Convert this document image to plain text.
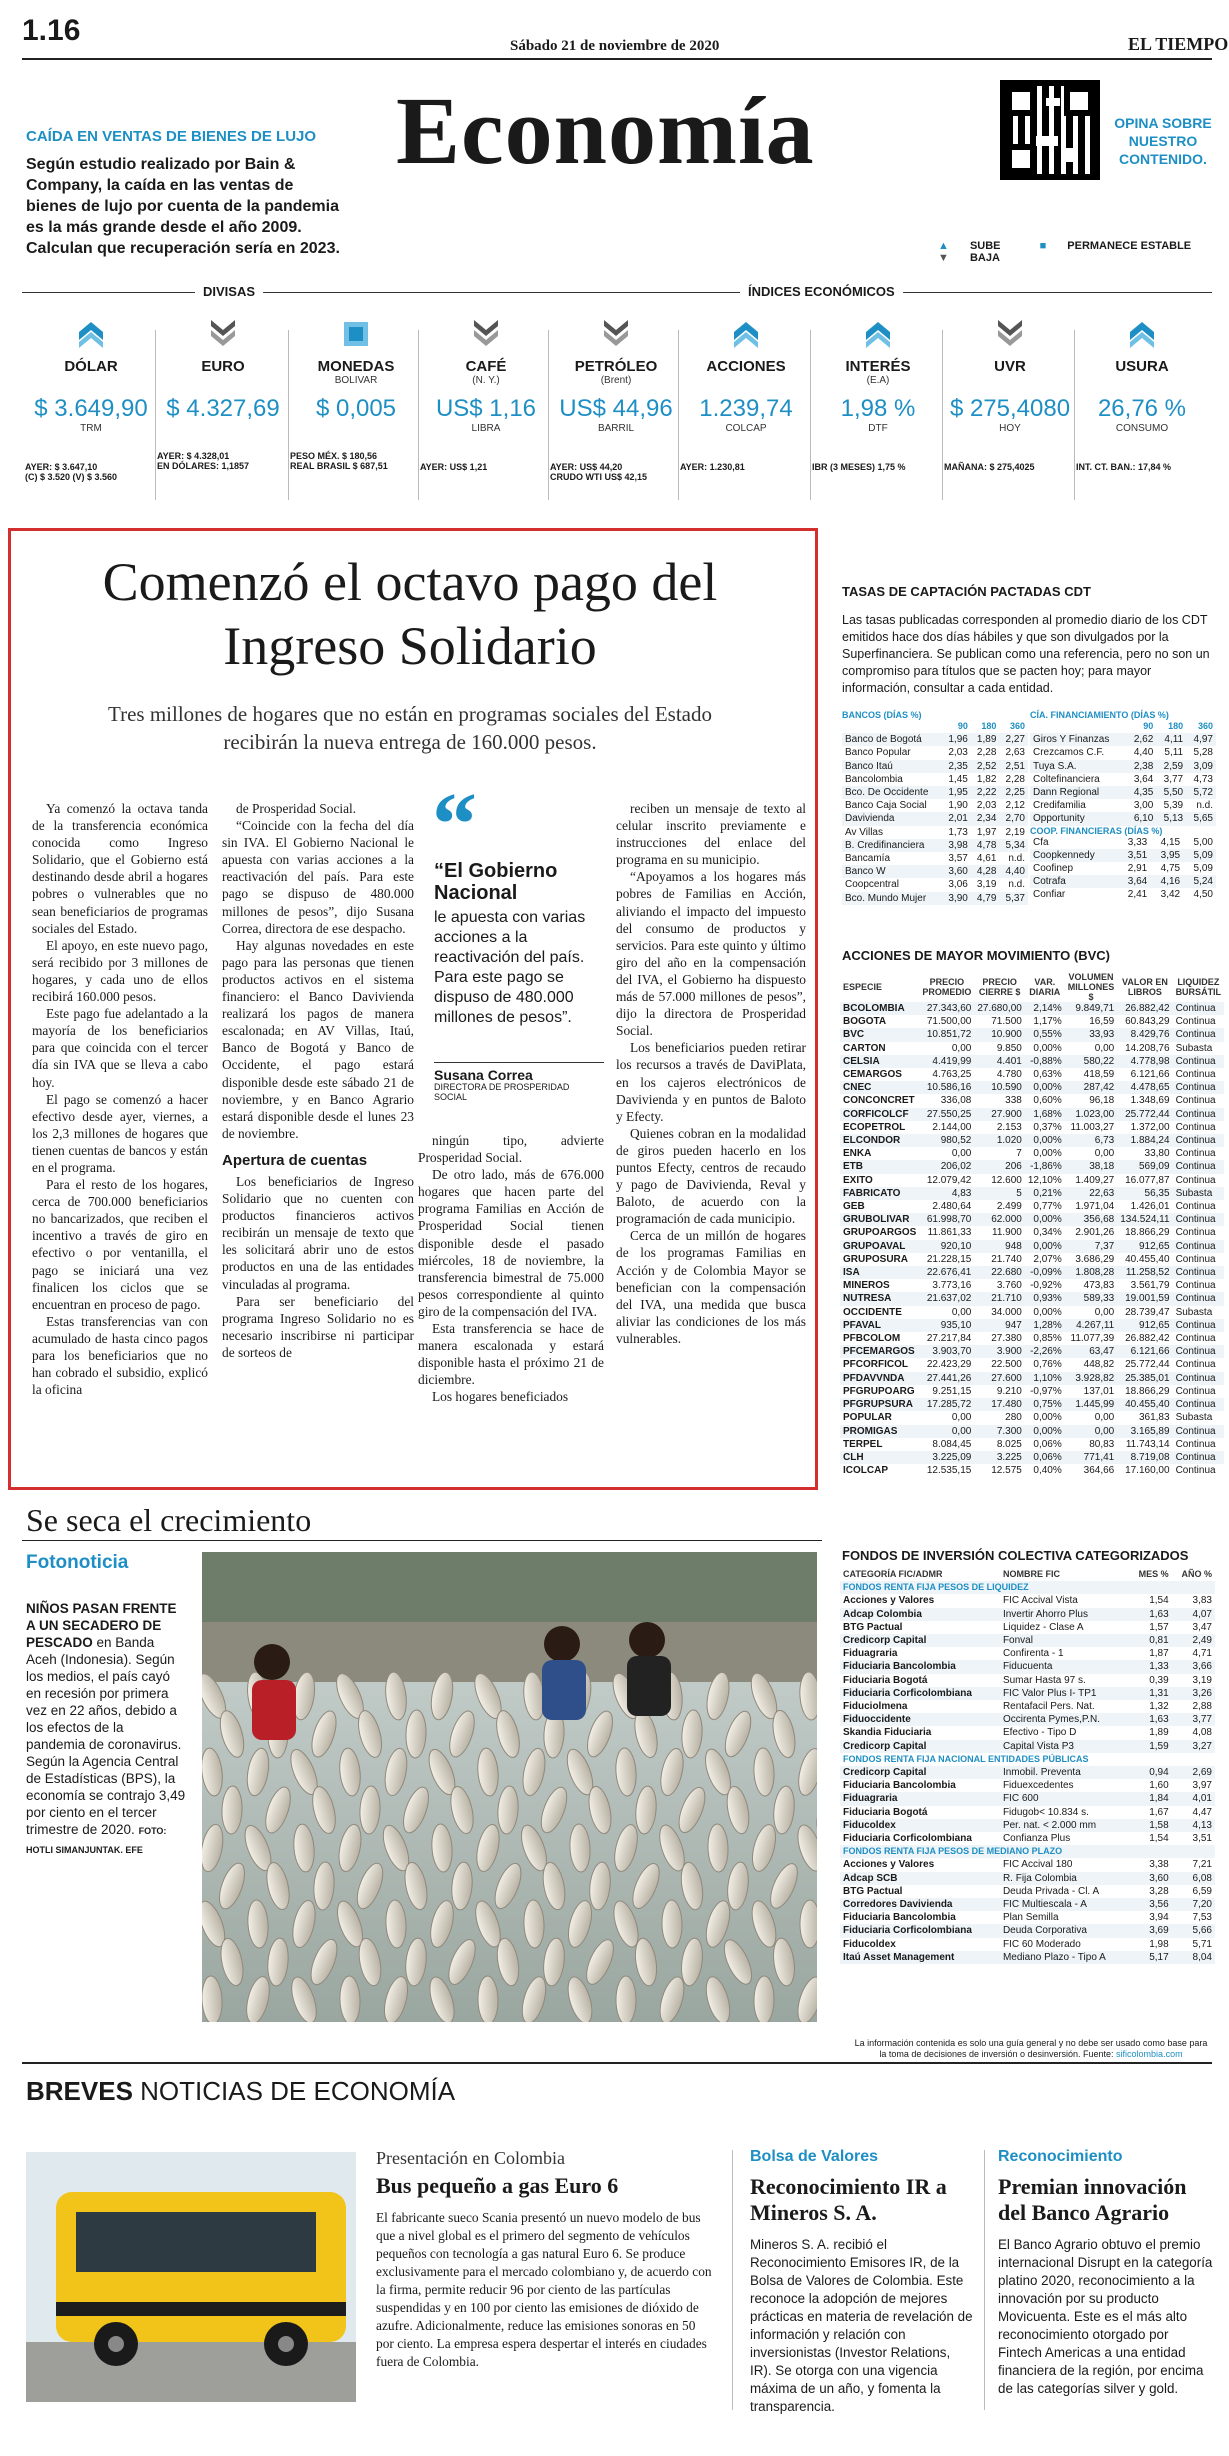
1.16	Sábado 21 de noviembre de 2020	EL TIEMPO
CAÍDA EN VENTAS DE BIENES DE LUJO
Según estudio realizado por Bain & Company, la caída en las ventas de bienes de lujo por cuenta de la pandemia es la más grande desde el año 2009. Calculan que recuperación sería en 2023.
Economía	OPINA SOBRE NUESTRO CONTENIDO.
▲ SUBE	■ PERMANECE ESTABLE ▼ BAJA
DIVISAS	ÍNDICES ECONÓMICOS
DÓLAR
$ 3.649,90
TRM
AYER: $ 3.647,10
(C) $ 3.520 (V) $ 3.560
EURO
$ 4.327,69
AYER: $ 4.328,01
EN DÓLARES: 1,1857
MONEDAS
BOLIVAR
$ 0,005
PESO MÉX. $ 180,56
REAL BRASIL $ 687,51
CAFÉ
(N. Y.)
US$ 1,16
LIBRA
AYER: US$ 1,21
PETRÓLEO
(Brent)
US$ 44,96
BARRIL
AYER: US$ 44,20
CRUDO WTI US$ 42,15
ACCIONES
1.239,74
COLCAP
AYER: 1.230,81
INTERÉS
(E.A)
1,98 %
DTF
IBR (3 MESES) 1,75 %
UVR
$ 275,4080
HOY
MAÑANA: $ 275,4025
USURA
26,76 %
CONSUMO
INT. CT. BAN.: 17,84 %
Comenzó el octavo pago del Ingreso Solidario
Tres millones de hogares que no están en programas sociales del Estado recibirán la nueva entrega de 160.000 pesos.

Ya comenzó la octava tanda de la transferencia económica conocida como Ingreso Solidario, que el Gobierno está destinando desde abril a hogares pobres o vulnerables que no sean beneficiarios de programas sociales del Estado.

El apoyo, en este nuevo pago, será recibido por 3 millones de hogares, y cada uno de ellos recibirá 160.000 pesos.

Este pago fue adelantado a la mayoría de los beneficiarios para que coincida con el tercer día sin IVA que se lleva a cabo hoy.

El pago se comenzó a hacer efectivo desde ayer, viernes, a los 2,3 millones de hogares que tienen cuentas de bancos y están en el programa.

Para el resto de los hogares, cerca de 700.000 beneficiarios no bancarizados, que reciben el incentivo a través de giro en efectivo o por ventanilla, el pago se iniciará una vez finalicen los ciclos que se encuentran en proceso de pago.

Estas transferencias van con acumulado de hasta cinco pagos para los beneficiarios que no han cobrado el subsidio, explicó la oficina

de Prosperidad Social.

“Coincide con la fecha del día sin IVA. El Gobierno Nacional le apuesta con varias acciones a la reactivación del país. Para este pago se dispuso de 480.000 millones de pesos”, dijo Susana Correa, directora de ese despacho.

Hay algunas novedades en este pago para las personas que tienen productos activos en el sistema financiero: el Banco Davivienda realizará los pagos de manera escalonada; en AV Villas, Itaú, Banco de Bogotá y Banco de Occidente, el pago estará disponible desde este sábado 21 de noviembre, y en Banco Agrario estará disponible desde el lunes 23 de noviembre.

Apertura de cuentas

Los beneficiarios de Ingreso Solidario que no cuenten con productos financieros activos recibirán un mensaje de texto que les solicitará abrir uno de estos productos en una de las entidades vinculadas al programa.

Para ser beneficiario del programa Ingreso Solidario no es necesario inscribirse ni participar de sorteos de

ningún tipo, advierte Prosperidad Social.

De otro lado, más de 676.000 hogares que hacen parte del programa Familias en Acción de Prosperidad Social tienen disponible desde el pasado miércoles, 18 de noviembre, la transferencia bimestral de 75.000 pesos correspondiente al quinto giro de la compensación del IVA.

Esta transferencia se hace de manera escalonada y estará disponible hasta el próximo 21 de diciembre.

Los hogares beneficiados

reciben un mensaje de texto al celular inscrito previamente e instrucciones del enlace del programa en su municipio.

“Apoyamos a los hogares más pobres de Familias en Acción, aliviando el impacto del impuesto del consumo de productos y servicios. Para este quinto y último giro del año en la compensación del IVA, el Gobierno ha dispuesto más de 57.000 millones de pesos”, dijo la directora de Prosperidad Social.

Los beneficiarios pueden retirar los recursos a través de DaviPlata, en los cajeros electrónicos de Davivienda y en puntos de Baloto y Efecty.

Quienes cobran en la modalidad de giros pueden hacerlo en los puntos Efecty, centros de recaudo y pago de Davivienda, Reval y Baloto, de acuerdo con la programación de cada municipio.

Cerca de un millón de hogares de los programas Familias en Acción y de Colombia Mayor se benefician con la compensación del IVA, una medida que busca aliviar las condiciones de los más vulnerables.

“
“El Gobierno Nacional
le apuesta con varias acciones a la reactivación del país. Para este pago se dispuso de 480.000 millones de pesos”.
Susana Correa
DIRECTORA DE PROSPERIDAD SOCIAL
TASAS DE CAPTACIÓN PACTADAS CDT
Las tasas publicadas corresponden al promedio diario de los CDT emitidos hace dos días hábiles y que son divulgados por la Superfinanciera. Se publican como una referencia, pero no son un compromiso para títulos que se pacten hoy; para mayor información, consultar a cada entidad.
BANCOS (DÍAS %)
	90	180	360
Banco de Bogotá	1,96	1,89	2,27
Banco Popular	2,03	2,28	2,63
Banco Itaú	2,35	2,52	2,51
Bancolombia	1,45	1,82	2,28
Bco. De Occidente	1,95	2,22	2,25
Banco Caja Social	1,90	2,03	2,12
Davivienda	2,01	2,34	2,70
Av Villas	1,73	1,97	2,19
B. Credifinanciera	3,98	4,78	5,34
Bancamía	3,57	4,61	n.d.
Banco W	3,60	4,28	4,40
Coopcentral	3,06	3,19	n.d.
Bco. Mundo Mujer	3,90	4,79	5,37
CÍA. FINANCIAMIENTO (DÍAS %)
	90	180	360
Giros Y Finanzas	2,62	4,11	4,97
Crezcamos C.F.	4,40	5,11	5,28
Tuya S.A.	2,38	2,59	3,09
Coltefinanciera	3,64	3,77	4,73
Dann Regional	4,35	5,50	5,72
Credifamilia	3,00	5,39	n.d.
Opportunity	6,10	5,13	5,65
COOP. FINANCIERAS (DÍAS %)
Cfa	3,33	4,15	5,00
Coopkennedy	3,51	3,95	5,09
Coofinep	2,91	4,75	5,09
Cotrafa	3,64	4,16	5,24
Confiar	2,41	3,42	4,50
ACCIONES DE MAYOR MOVIMIENTO (BVC)
ESPECIE	PRECIO PROMEDIO	PRECIO CIERRE $	VAR. DIARIA	VOLUMEN MILLONES $	VALOR EN LIBROS	LIQUIDEZ BURSÁTIL
BCOLOMBIA	27.343,60	27.680,00	2,14%	9.849,71	26.882,42	Continua
BOGOTA	71.500,00	71.500	1,17%	16,59	60.843,29	Continua
BVC	10.851,72	10.900	0,55%	33,93	8.429,76	Continua
CARTON	0,00	9.850	0,00%	0,00	14.208,76	Subasta
CELSIA	4.419,99	4.401	-0,88%	580,22	4.778,98	Continua
CEMARGOS	4.763,25	4.780	0,63%	418,59	6.121,66	Continua
CNEC	10.586,16	10.590	0,00%	287,42	4.478,65	Continua
CONCONCRET	336,08	338	0,60%	96,18	1.348,69	Continua
CORFICOLCF	27.550,25	27.900	1,68%	1.023,00	25.772,44	Continua
ECOPETROL	2.144,00	2.153	0,37%	11.003,27	1.372,00	Continua
ELCONDOR	980,52	1.020	0,00%	6,73	1.884,24	Continua
ENKA	0,00	7	0,00%	0,00	33,80	Continua
ETB	206,02	206	-1,86%	38,18	569,09	Continua
EXITO	12.079,42	12.600	12,10%	1.409,27	16.077,87	Continua
FABRICATO	4,83	5	0,21%	22,63	56,35	Subasta
GEB	2.480,64	2.499	0,77%	1.971,04	1.426,01	Continua
GRUBOLIVAR	61.998,70	62.000	0,00%	356,68	134.524,11	Continua
GRUPOARGOS	11.861,33	11.900	0,34%	2.901,26	18.866,29	Continua
GRUPOAVAL	920,10	948	0,00%	7,37	912,65	Continua
GRUPOSURA	21.228,15	21.740	2,07%	3.686,29	40.455,40	Continua
ISA	22.676,41	22.680	-0,09%	1.808,28	11.258,52	Continua
MINEROS	3.773,16	3.760	-0,92%	473,83	3.561,79	Continua
NUTRESA	21.637,02	21.710	0,93%	589,33	19.001,59	Continua
OCCIDENTE	0,00	34.000	0,00%	0,00	28.739,47	Subasta
PFAVAL	935,10	947	1,28%	4.267,11	912,65	Continua
PFBCOLOM	27.217,84	27.380	0,85%	11.077,39	26.882,42	Continua
PFCEMARGOS	3.903,70	3.900	-2,26%	63,47	6.121,66	Continua
PFCORFICOL	22.423,29	22.500	0,76%	448,82	25.772,44	Continua
PFDAVVNDA	27.441,26	27.600	1,10%	3.928,82	25.385,01	Continua
PFGRUPOARG	9.251,15	9.210	-0,97%	137,01	18.866,29	Continua
PFGRUPSURA	17.285,72	17.480	0,75%	1.445,99	40.455,40	Continua
POPULAR	0,00	280	0,00%	0,00	361,83	Subasta
PROMIGAS	0,00	7.300	0,00%	0,00	3.165,89	Continua
TERPEL	8.084,45	8.025	0,06%	80,83	11.743,14	Continua
CLH	3.225,09	3.225	0,06%	771,41	8.719,08	Continua
ICOLCAP	12.535,15	12.575	0,40%	364,66	17.160,00	Continua
FONDOS DE INVERSIÓN COLECTIVA CATEGORIZADOS
CATEGORÍA FIC/ADMR	NOMBRE FIC	MES %	AÑO %
FONDOS RENTA FIJA PESOS DE LIQUIDEZ			
Acciones y Valores	FIC Accival Vista	1,54	3,83
Adcap Colombia	Invertir Ahorro Plus	1,63	4,07
BTG Pactual	Liquidez - Clase A	1,57	3,47
Credicorp Capital	Fonval	0,81	2,49
Fiduagraria	Confirenta - 1	1,87	4,71
Fiduciaria Bancolombia	Fiducuenta	1,33	3,66
Fiduciaria Bogotá	Sumar Hasta 97 s.	0,39	3,19
Fiduciaria Corficolombiana	FIC Valor Plus I- TP1	1,31	3,26
Fiduciolmena	Rentafacil Pers. Nat.	1,32	2,88
Fiduoccidente	Occirenta Pymes,P.N.	1,63	3,77
Skandia Fiduciaria	Efectivo - Tipo D	1,89	4,08
Credicorp Capital	Capital Vista P3	1,59	3,27
FONDOS RENTA FIJA NACIONAL ENTIDADES PÚBLICAS			
Credicorp Capital	Inmobil. Preventa	0,94	2,69
Fiduciaria Bancolombia	Fiduexcedentes	1,60	3,97
Fiduagraria	FIC 600	1,84	4,01
Fiduciaria Bogotá	Fidugob< 10.834 s.	1,67	4,47
Fiducoldex	Per. nat. < 2.000 mm	1,58	4,13
Fiduciaria Corficolombiana	Confianza Plus	1,54	3,51
FONDOS RENTA FIJA PESOS DE MEDIANO PLAZO			
Acciones y Valores	FIC Accival 180	3,38	7,21
Adcap SCB	R. Fija Colombia	3,60	6,08
BTG Pactual	Deuda Privada - Cl. A	3,28	6,59
Corredores Davivienda	FIC Multiescala - A	3,56	7,20
Fiduciaria Bancolombia	Plan Semilla	3,94	7,53
Fiduciaria Corficolombiana	Deuda Corporativa	3,69	5,66
Fiducoldex	FIC 60 Moderado	1,98	5,71
Itaú Asset Management	Mediano Plazo - Tipo A	5,17	8,04
La información contenida es solo una guía general y no debe ser usado como base para la toma de decisiones de inversión o desinversión. Fuente: sificolombia.com
Se seca el crecimiento
Fotonoticia
NIÑOS PASAN FRENTE A UN SECADERO DE PESCADO en Banda Aceh (Indonesia). Según los medios, el país cayó en recesión por primera vez en 22 años, debido a los efectos de la pandemia de coronavirus. Según la Agencia Central de Estadísticas (BPS), la economía se contrajo 3,49 por ciento en el tercer trimestre de 2020. FOTO: HOTLI SIMANJUNTAK. EFE
BREVES NOTICIAS DE ECONOMÍA
Presentación en Colombia
Bus pequeño a gas Euro 6
El fabricante sueco Scania presentó un nuevo modelo de bus que a nivel global es el primero del segmento de vehículos pequeños con tecnología a gas natural Euro 6. Se produce exclusivamente para el mercado colombiano y, de acuerdo con la firma, permite reducir 96 por ciento de las partículas suspendidas y en 100 por ciento las emisiones de dióxido de azufre. Adicionalmente, reduce las emisiones sonoras en 50 por ciento. La empresa espera despertar el interés en ciudades fuera de Colombia.
Bolsa de Valores
Reconocimiento IR a Mineros S. A.
Mineros S. A. recibió el Reconocimiento Emisores IR, de la Bolsa de Valores de Colombia. Este reconoce la adopción de mejores prácticas en materia de revelación de información y relación con inversionistas (Investor Relations, IR). Se otorga con una vigencia máxima de un año, y fomenta la transparencia.
Reconocimiento
Premian innovación del Banco Agrario
El Banco Agrario obtuvo el premio internacional Disrupt en la categoría platino 2020, reconocimiento a la innovación por su producto Movicuenta. Este es el más alto reconocimiento otorgado por Fintech Americas a una entidad financiera de la región, por encima de las categorías silver y gold.
